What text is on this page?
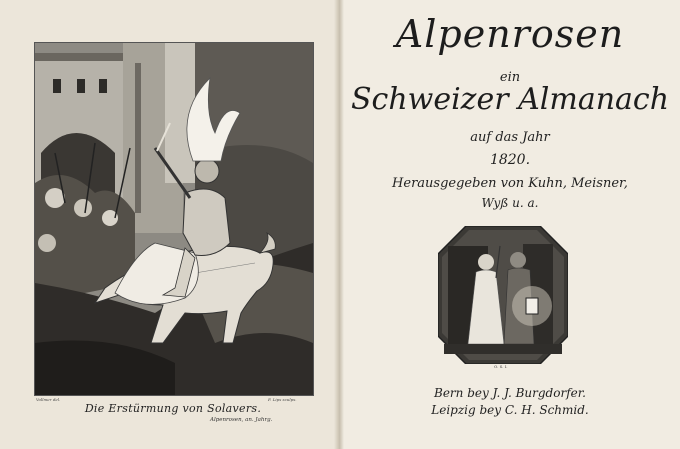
Vollmer del.	F. Lips sculps.
Die Erstürmung von Solavers.
Alpenrosen, an. Jahrg.
Alpenrosen
ein
Schweizer Almanach
auf das Jahr
1820.
Herausgegeben von Kuhn, Meisner,
Wyß u. a.
O. S. I.
Bern bey J. J. Burgdorfer.
Leipzig bey C. H. Schmid.
